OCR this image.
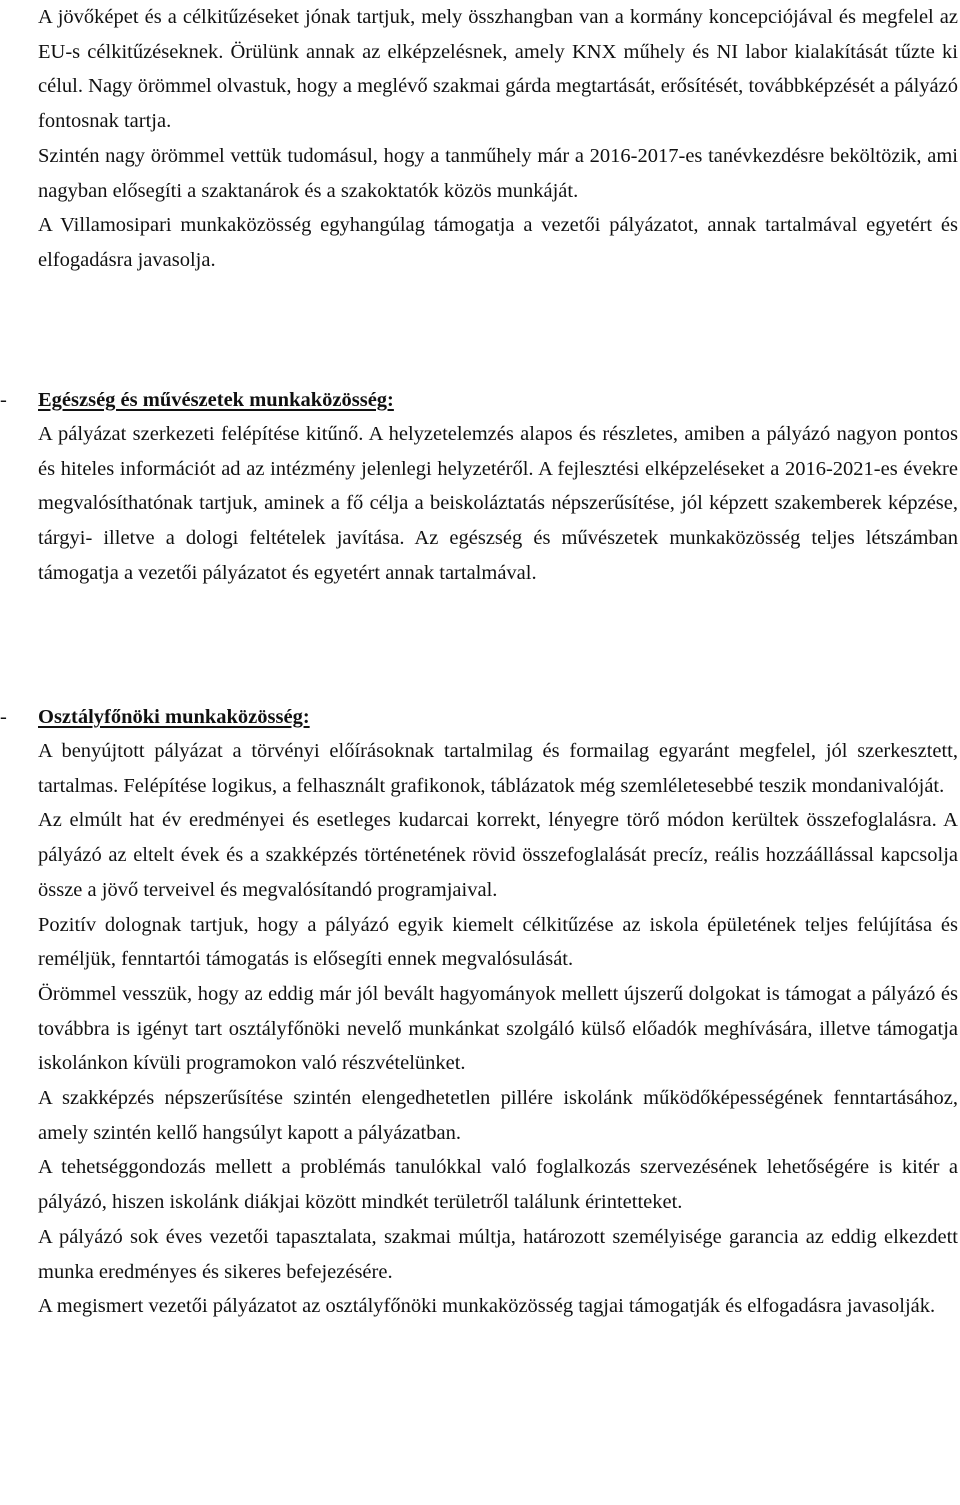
A jövőképet és a célkitűzéseket jónak tartjuk, mely összhangban van a kormány koncepciójával és megfelel az EU-s célkitűzéseknek. Örülünk annak az elképzelésnek, amely KNX műhely és NI labor kialakítását tűzte ki célul. Nagy örömmel olvastuk, hogy a meglévő szakmai gárda megtartását, erősítését, továbbképzését a pályázó fontosnak tartja.

Szintén nagy örömmel vettük tudomásul, hogy a tanműhely már a 2016-2017-es tanévkezdésre beköltözik, ami nagyban elősegíti a szaktanárok és a szakoktatók közös munkáját.

A Villamosipari munkaközösség egyhangúlag támogatja a vezetői pályázatot, annak tartalmával egyetért és elfogadásra javasolja.

- Egészség és művészetek munkaközösség:

A pályázat szerkezeti felépítése kitűnő. A helyzetelemzés alapos és részletes, amiben a pályázó nagyon pontos és hiteles információt ad az intézmény jelenlegi helyzetéről. A fejlesztési elképzeléseket a 2016-2021-es évekre megvalósíthatónak tartjuk, aminek a fő célja a beiskoláztatás népszerűsítése, jól képzett szakemberek képzése, tárgyi- illetve a dologi feltételek javítása. Az egészség és művészetek munkaközösség teljes létszámban támogatja a vezetői pályázatot és egyetért annak tartalmával.

- Osztályfőnöki munkaközösség:

A benyújtott pályázat a törvényi előírásoknak tartalmilag és formailag egyaránt megfelel, jól szerkesztett, tartalmas. Felépítése logikus, a felhasznált grafikonok, táblázatok még szemléletesebbé teszik mondanivalóját.

Az elmúlt hat év eredményei és esetleges kudarcai korrekt, lényegre törő módon kerültek összefoglalásra. A pályázó az eltelt évek és a szakképzés történetének rövid összefoglalását precíz, reális hozzáállással kapcsolja össze a jövő terveivel és megvalósítandó programjaival.

Pozitív dolognak tartjuk, hogy a pályázó egyik kiemelt célkitűzése az iskola épületének teljes felújítása és reméljük, fenntartói támogatás is elősegíti ennek megvalósulását.

Örömmel vesszük, hogy az eddig már jól bevált hagyományok mellett újszerű dolgokat is támogat a pályázó és továbbra is igényt tart osztályfőnöki nevelő munkánkat szolgáló külső előadók meghívására, illetve támogatja iskolánkon kívüli programokon való részvételünket.

A szakképzés népszerűsítése szintén elengedhetetlen pillére iskolánk működőképességének fenntartásához, amely szintén kellő hangsúlyt kapott a pályázatban.

A tehetséggondozás mellett a problémás tanulókkal való foglalkozás szervezésének lehetőségére is kitér a pályázó, hiszen iskolánk diákjai között mindkét területről találunk érintetteket.

A pályázó sok éves vezetői tapasztalata, szakmai múltja, határozott személyisége garancia az eddig elkezdett munka eredményes és sikeres befejezésére.

A megismert vezetői pályázatot az osztályfőnöki munkaközösség tagjai támogatják és elfogadásra javasolják.
